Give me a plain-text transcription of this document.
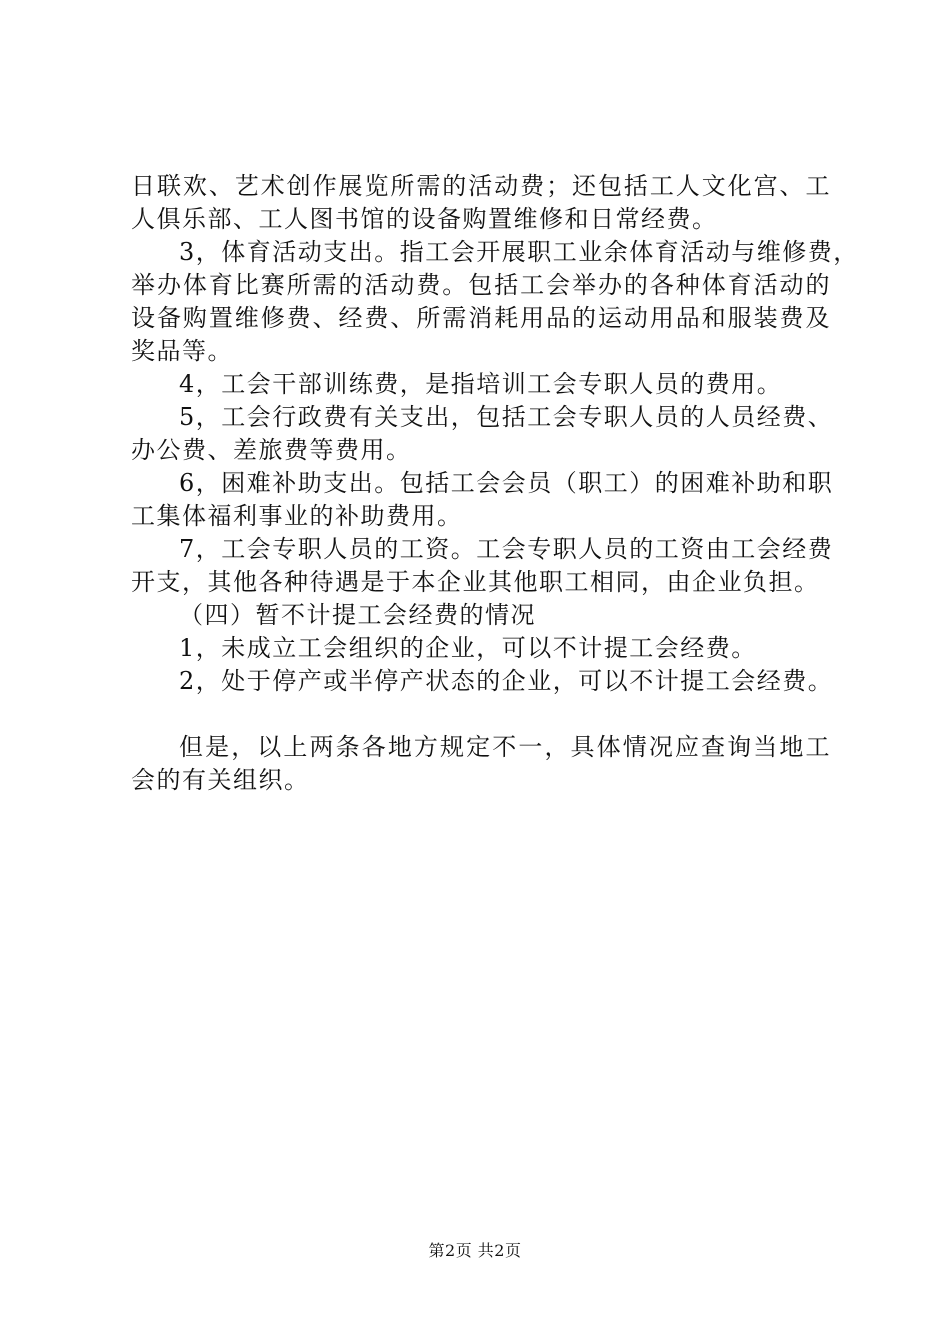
日联欢、艺术创作展览所需的活动费；还包括工人文化宫、工
人俱乐部、工人图书馆的设备购置维修和日常经费。
3，体育活动支出。指工会开展职工业余体育活动与维修费，
举办体育比赛所需的活动费。包括工会举办的各种体育活动的
设备购置维修费、经费、所需消耗用品的运动用品和服装费及
奖品等。
4，工会干部训练费，是指培训工会专职人员的费用。
5，工会行政费有关支出，包括工会专职人员的人员经费、
办公费、差旅费等费用。
6，困难补助支出。包括工会会员（职工）的困难补助和职
工集体福利事业的补助费用。
7，工会专职人员的工资。工会专职人员的工资由工会经费
开支，其他各种待遇是于本企业其他职工相同，由企业负担。
（四）暂不计提工会经费的情况
1，未成立工会组织的企业，可以不计提工会经费。
2，处于停产或半停产状态的企业，可以不计提工会经费。
但是，以上两条各地方规定不一，具体情况应查询当地工
会的有关组织。
第2页 共2页
